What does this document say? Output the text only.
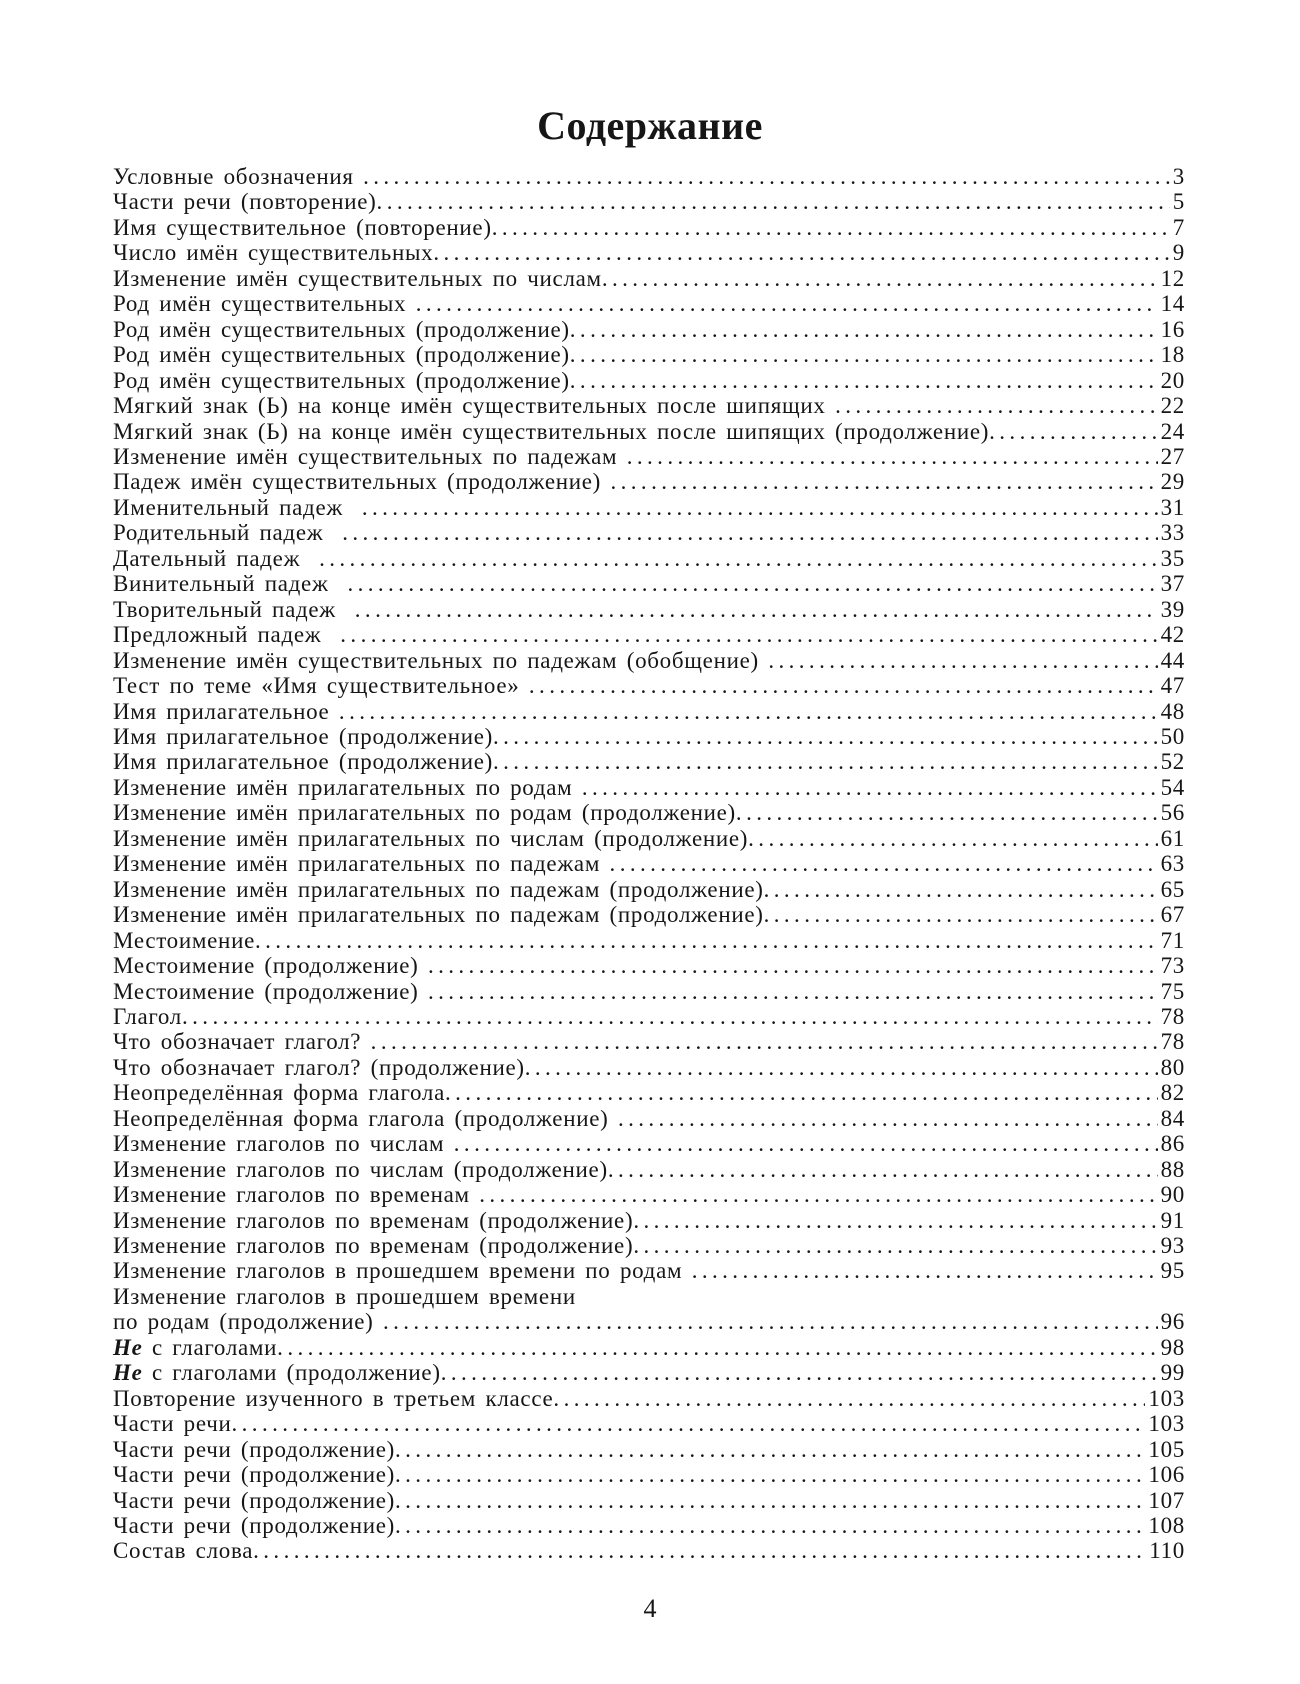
Содержание
Условные обозначения .....	3
Части речи (повторение) .....	5
Имя существительное (повторение) .....	7
Число имён существительных .....	9
Изменение имён существительных по числам .....	12
Род имён существительных .....	14
Род имён существительных (продолжение) .....	16
Род имён существительных (продолжение) .....	18
Род имён существительных (продолжение) .....	20
Мягкий знак (Ь) на конце имён существительных после шипящих .....	22
Мягкий знак (Ь) на конце имён существительных после шипящих (продолжение) .....	24
Изменение имён существительных по падежам .....	27
Падеж имён существительных (продолжение) .....	29
Именительный падеж .....	31
Родительный падеж .....	33
Дательный падеж .....	35
Винительный падеж .....	37
Творительный падеж .....	39
Предложный падеж .....	42
Изменение имён существительных по падежам (обобщение) .....	44
Тест по теме «Имя существительное» .....	47
Имя прилагательное .....	48
Имя прилагательное (продолжение) .....	50
Имя прилагательное (продолжение) .....	52
Изменение имён прилагательных по родам .....	54
Изменение имён прилагательных по родам (продолжение) .....	56
Изменение имён прилагательных по числам (продолжение) .....	61
Изменение имён прилагательных по падежам .....	63
Изменение имён прилагательных по падежам (продолжение) .....	65
Изменение имён прилагательных по падежам (продолжение) .....	67
Местоимение .....	71
Местоимение (продолжение) .....	73
Местоимение (продолжение) .....	75
Глагол .....	78
Что обозначает глагол? .....	78
Что обозначает глагол? (продолжение) .....	80
Неопределённая форма глагола .....	82
Неопределённая форма глагола (продолжение) .....	84
Изменение глаголов по числам .....	86
Изменение глаголов по числам (продолжение) .....	88
Изменение глаголов по временам .....	90
Изменение глаголов по временам (продолжение) .....	91
Изменение глаголов по временам (продолжение) .....	93
Изменение глаголов в прошедшем времени по родам .....	95
Изменение глаголов в прошедшем времени
по родам (продолжение) .....	96
Не с глаголами .....	98
Не с глаголами (продолжение) .....	99
Повторение изученного в третьем классе .....	103
Части речи .....	103
Части речи (продолжение) .....	105
Части речи (продолжение) .....	106
Части речи (продолжение) .....	107
Части речи (продолжение) .....	108
Состав слова .....	110
4
